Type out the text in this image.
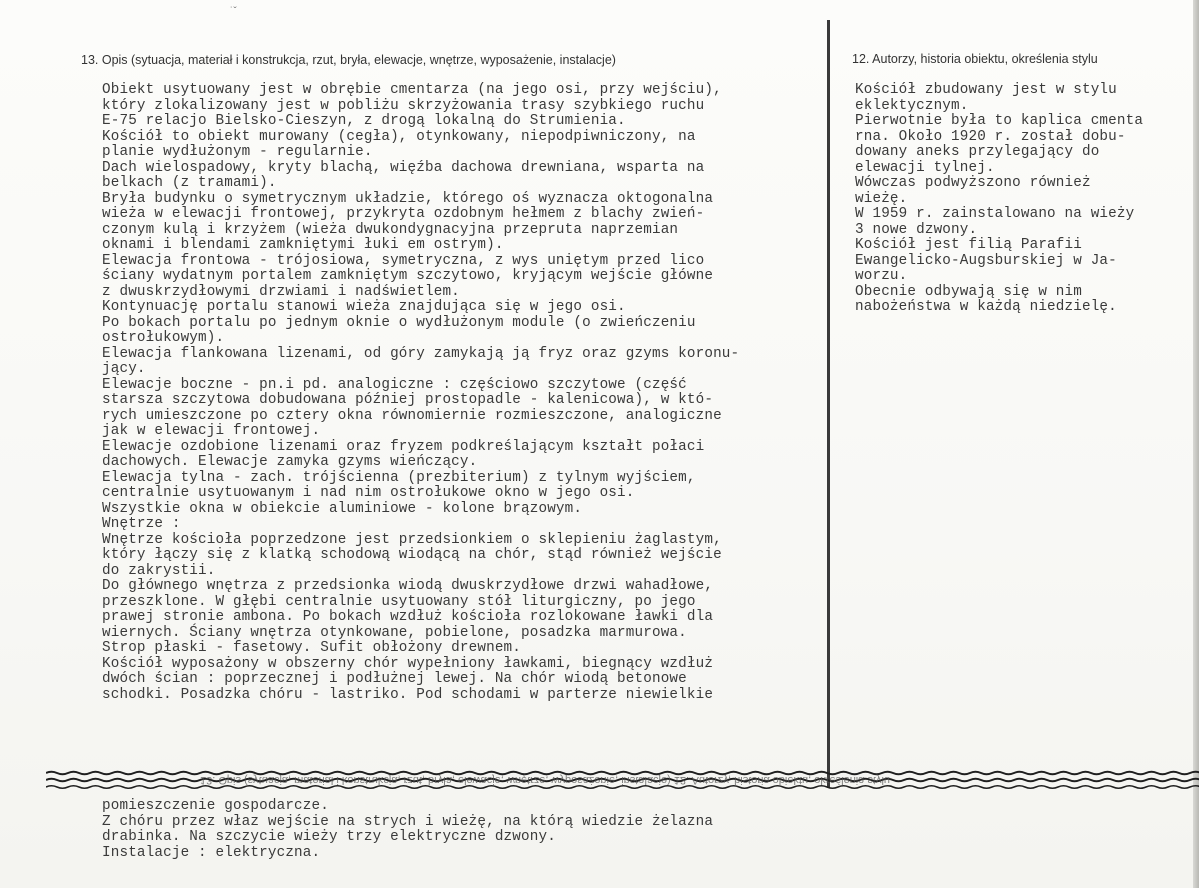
˙ˇ
13. Opis (sytuacja, materiał i konstrukcja, rzut, bryła, elewacje, wnętrze, wyposażenie, instalacje)	12. Autorzy, historia obiektu, określenia stylu
Obiekt usytuowany jest w obrębie cmentarza (na jego osi, przy wejściu),
który zlokalizowany jest w pobliżu skrzyżowania trasy szybkiego ruchu
E-75 relacjo Bielsko-Cieszyn, z drogą lokalną do Strumienia.
Kościół to obiekt murowany (cegła), otynkowany, niepodpiwniczony, na
planie wydłużonym - regularnie.
Dach wielospadowy, kryty blachą, więźba dachowa drewniana, wsparta na
belkach (z tramami).
Bryła budynku o symetrycznym układzie, którego oś wyznacza oktogonalna
wieża w elewacji frontowej, przykryta ozdobnym hełmem z blachy zwień-
czonym kulą i krzyżem (wieża dwukondygnacyjna przepruta naprzemian
oknami i blendami zamkniętymi łuki em ostrym).
Elewacja frontowa - trójosiowa, symetryczna, z wys uniętym przed lico
ściany wydatnym portalem zamkniętym szczytowo, kryjącym wejście główne
z dwuskrzydłowymi drzwiami i nadświetlem.
Kontynuację portalu stanowi wieża znajdująca się w jego osi.
Po bokach portalu po jednym oknie o wydłużonym module (o zwieńczeniu
ostrołukowym).
Elewacja flankowana lizenami, od góry zamykają ją fryz oraz gzyms koronu-
jący.
Elewacje boczne - pn.i pd. analogiczne : częściowo szczytowe (część
starsza szczytowa dobudowana później prostopadle - kalenicowa), w któ-
rych umieszczone po cztery okna równomiernie rozmieszczone, analogiczne
jak w elewacji frontowej.
Elewacje ozdobione lizenami oraz fryzem podkreślającym kształt połaci
dachowych. Elewacje zamyka gzyms wieńczący.
Elewacja tylna - zach. trójścienna (prezbiterium) z tylnym wyjściem,
centralnie usytuowanym i nad nim ostrołukowe okno w jego osi.
Wszystkie okna w obiekcie aluminiowe - kolone brązowym.
Wnętrze :
Wnętrze kościoła poprzedzone jest przedsionkiem o sklepieniu żaglastym,
który łączy się z klatką schodową wiodącą na chór, stąd również wejście
do zakrystii.
Do głównego wnętrza z przedsionka wiodą dwuskrzydłowe drzwi wahadłowe,
przeszklone. W głębi centralnie usytuowany stół liturgiczny, po jego
prawej stronie ambona. Po bokach wzdłuż kościoła rozlokowane ławki dla
wiernych. Ściany wnętrza otynkowane, pobielone, posadzka marmurowa.
Strop płaski - fasetowy. Sufit obłożony drewnem.
Kościół wyposażony w obszerny chór wypełniony ławkami, biegnący wzdłuż
dwóch ścian : poprzecznej i podłużnej lewej. Na chór wiodą betonowe
schodki. Posadzka chóru - lastriko. Pod schodami w parterze niewielkie
Kościół zbudowany jest w stylu
eklektycznym.
Pierwotnie była to kaplica cmenta
rna. Około 1920 r. został dobu-
dowany aneks przylegający do
elewacji tylnej.
Wówczas podwyższono również
wieżę.
W 1959 r. zainstalowano na wieży
3 nowe dzwony.
Kościół jest filią Parafii
Ewangelicko-Augsburskiej w Ja-
worzu.
Obecnie odbywają się w nim
nabożeństwa w każdą niedzielę.
13. Opis (sytuacja, materiał i konstrukcja, rzut, bryła, elewacje, wnętrze, wyposażenie, instalacje) 12. Autorzy, historia obiektu, określenia stylu
pomieszczenie gospodarcze.
Z chóru przez właz wejście na strych i wieżę, na którą wiedzie żelazna
drabinka. Na szczycie wieży trzy elektryczne dzwony.
Instalacje : elektryczna.
